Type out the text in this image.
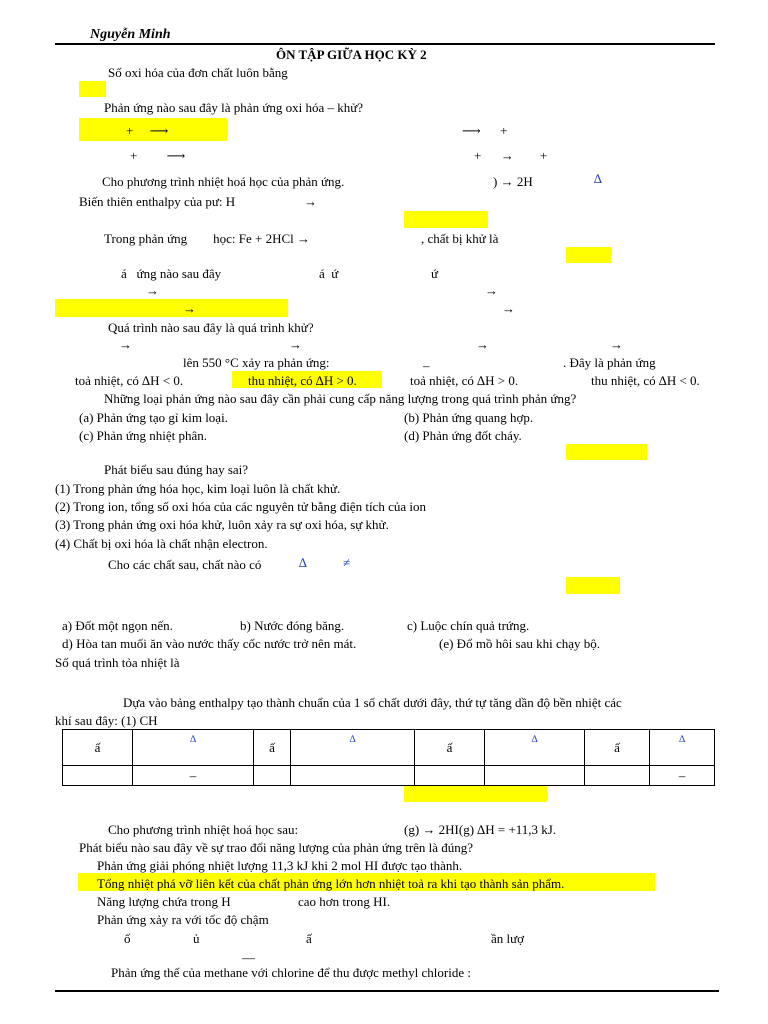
Nguyễn Minh
ÔN TẬP GIỮA HỌC KỲ 2
Số oxi hóa của đơn chất luôn bằng
Phản ứng nào sau đây là phản ứng oxi hóa – khử?
+     ⟶	⟶      +
+         ⟶	+      →        +
Cho phương trình nhiệt hoá học của phản ứng.	) → 2H	∆
Biến thiên enthalpy của pư: H	→
Trong phản ứng        học: Fe + 2HCl →	, chất bị khử là
á   ứng nào sau đây	á  ứ	ứ
→	→
→	→
Quá trình nào sau đây là quá trình khử?
→	→	→	→
lên 550 °C xảy ra phản ứng:	–	. Đây là phản ứng
toả nhiệt, có ∆H < 0.	thu nhiệt, có ∆H > 0.	toả nhiệt, có ∆H > 0.	thu nhiệt, có ∆H < 0.
Những loại phản ứng nào sau đây cần phải cung cấp năng lượng trong quá trình phản ứng?
(a) Phản ứng tạo gỉ kim loại.	(b) Phản ứng quang hợp.
(c) Phản ứng nhiệt phân.	(d) Phản ứng đốt cháy.
Phát biểu sau đúng hay sai?
(1) Trong phản ứng hóa học, kim loại luôn là chất khử.
(2) Trong ion, tổng số oxi hóa của các nguyên tử bằng điện tích của ion
(3) Trong phản ứng oxi hóa khử, luôn xảy ra sự oxi hóa, sự khử.
(4) Chất bị oxi hóa là chất nhận electron.
Cho các chất sau, chất nào có	∆	≠
a) Đốt một ngọn nến.	b) Nước đóng băng.	c) Luộc chín quả trứng.
d) Hòa tan muối ăn vào nước thấy cốc nước trở nên mát.	(e) Đổ mồ hôi sau khi chạy bộ.
Số quá trình tỏa nhiệt là
Dựa vào bảng enthalpy tạo thành chuẩn của 1 số chất dưới đây, thứ tự tăng dần độ bền nhiệt các
khí sau đây: (1) CH
ấ	∆	ấ	∆	ấ	∆	ấ	∆
	–						–
Cho phương trình nhiệt hoá học sau:	(g) → 2HI(g) ∆H = +11,3 kJ.
Phát biểu nào sau đây về sự trao đổi năng lượng của phản ứng trên là đúng?
Phản ứng giải phóng nhiệt lượng 11,3 kJ khi 2 mol HI được tạo thành.
Tổng nhiệt phá vỡ liên kết của chất phản ứng lớn hơn nhiệt toả ra khi tạo thành sản phẩm.
Năng lượng chứa trong H	cao hơn trong HI.
Phản ứng xảy ra với tốc độ chậm
ố	ủ	ấ	ần lượ
—
Phản ứng thế của methane với chlorine để thu được methyl chloride :
